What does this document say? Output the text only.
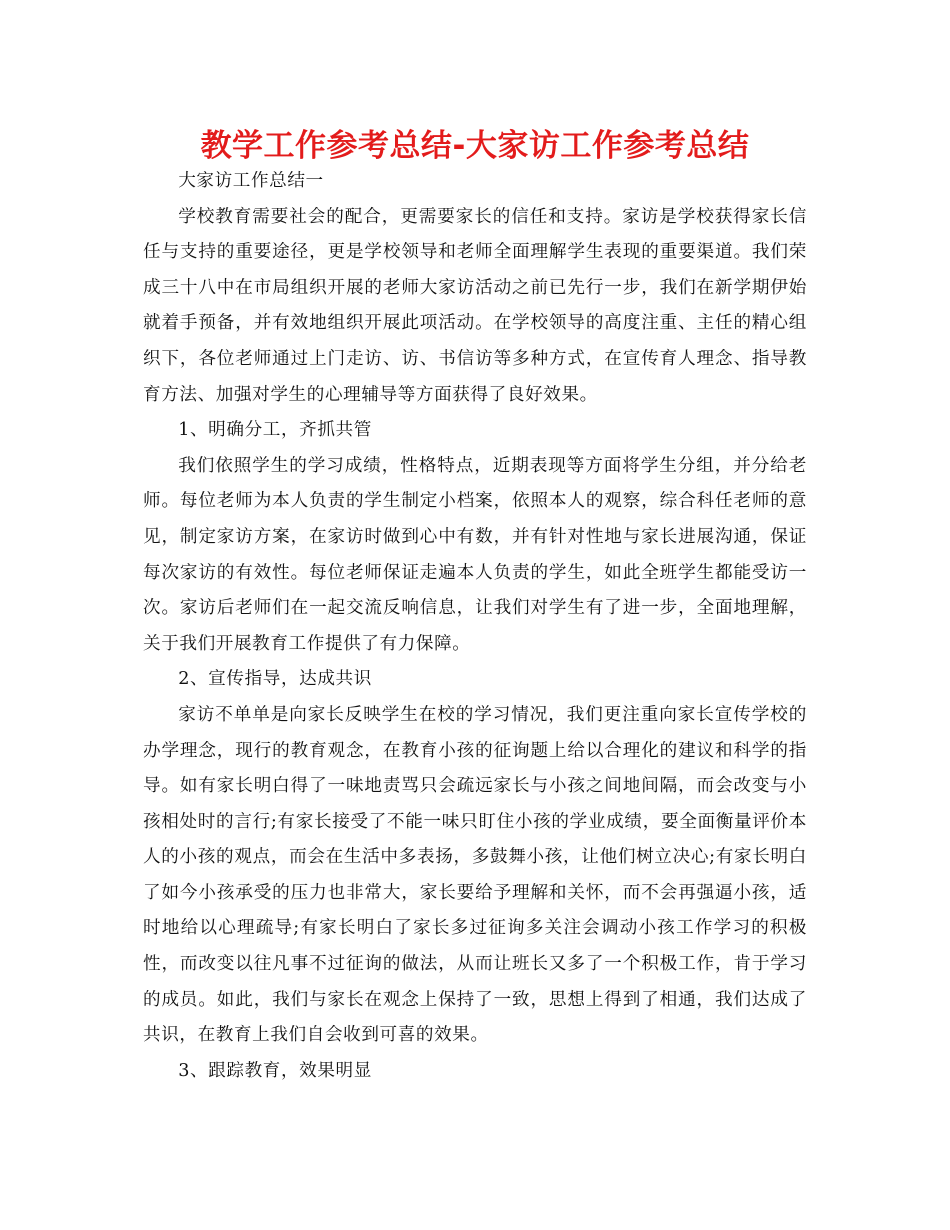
教学工作参考总结-大家访工作参考总结

大家访工作总结一

学校教育需要社会的配合，更需要家长的信任和支持。家访是学校获得家长信任与支持的重要途径，更是学校领导和老师全面理解学生表现的重要渠道。我们荣成三十八中在市局组织开展的老师大家访活动之前已先行一步，我们在新学期伊始就着手预备，并有效地组织开展此项活动。在学校领导的高度注重、主任的精心组织下，各位老师通过上门走访、访、书信访等多种方式，在宣传育人理念、指导教育方法、加强对学生的心理辅导等方面获得了良好效果。

1、明确分工，齐抓共管

我们依照学生的学习成绩，性格特点，近期表现等方面将学生分组，并分给老师。每位老师为本人负责的学生制定小档案，依照本人的观察，综合科任老师的意见，制定家访方案，在家访时做到心中有数，并有针对性地与家长进展沟通，保证每次家访的有效性。每位老师保证走遍本人负责的学生，如此全班学生都能受访一次。家访后老师们在一起交流反响信息，让我们对学生有了进一步，全面地理解，关于我们开展教育工作提供了有力保障。

2、宣传指导，达成共识

家访不单单是向家长反映学生在校的学习情况，我们更注重向家长宣传学校的办学理念，现行的教育观念，在教育小孩的征询题上给以合理化的建议和科学的指导。如有家长明白得了一味地责骂只会疏远家长与小孩之间地间隔，而会改变与小孩相处时的言行;有家长接受了不能一味只盯住小孩的学业成绩，要全面衡量评价本人的小孩的观点，而会在生活中多表扬，多鼓舞小孩，让他们树立决心;有家长明白了如今小孩承受的压力也非常大，家长要给予理解和关怀，而不会再强逼小孩，适时地给以心理疏导;有家长明白了家长多过征询多关注会调动小孩工作学习的积极性，而改变以往凡事不过征询的做法，从而让班长又多了一个积极工作，肯于学习的成员。如此，我们与家长在观念上保持了一致，思想上得到了相通，我们达成了共识，在教育上我们自会收到可喜的效果。

3、跟踪教育，效果明显
